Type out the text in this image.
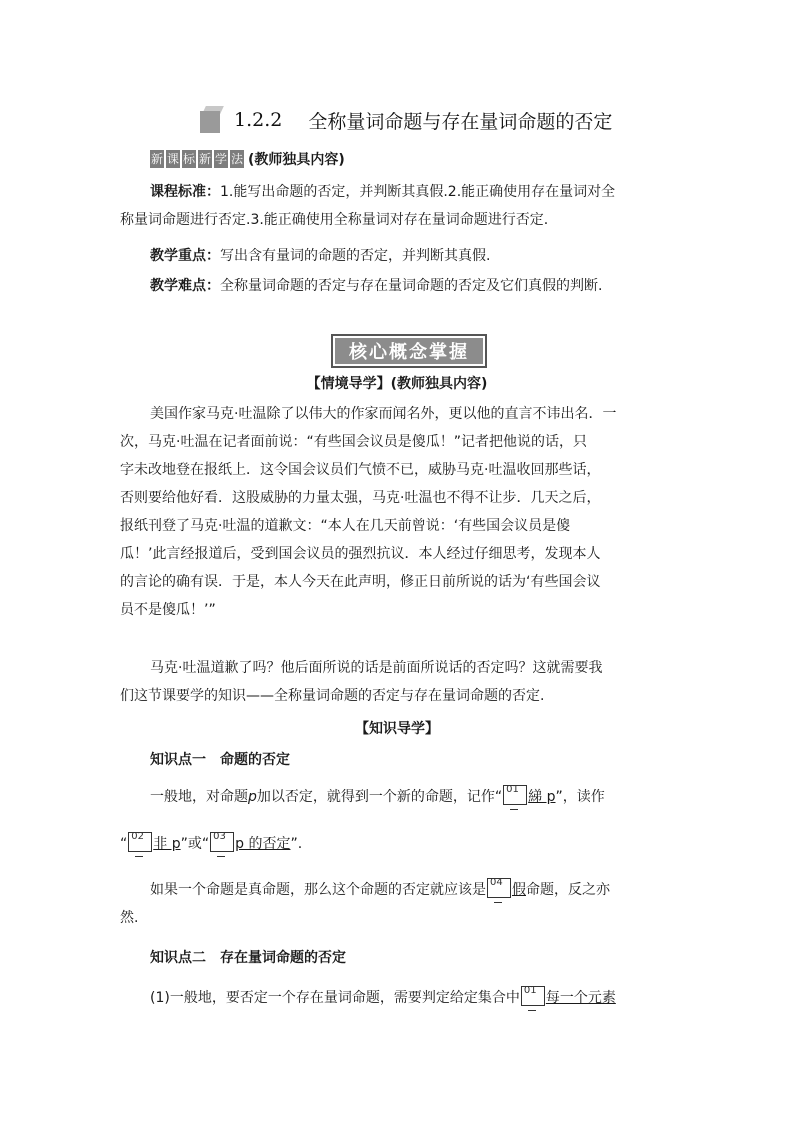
1.2.2 全称量词命题与存在量词命题的否定
新 课 标 新 学 法 (教师独具内容)
课程标准：1.能写出命题的否定，并判断其真假.2.能正确使用存在量词对全
称量词命题进行否定.3.能正确使用全称量词对存在量词命题进行否定.
教学重点：写出含有量词的命题的否定，并判断其真假.
教学难点：全称量词命题的否定与存在量词命题的否定及它们真假的判断.
核心概念掌握
【情境导学】(教师独具内容)
美国作家马克·吐温除了以伟大的作家而闻名外，更以他的直言不讳出名．一
次，马克·吐温在记者面前说：“有些国会议员是傻瓜！”记者把他说的话，只
字未改地登在报纸上．这令国会议员们气愤不已，威胁马克·吐温收回那些话，
否则要给他好看．这股威胁的力量太强，马克·吐温也不得不让步．几天之后，
报纸刊登了马克·吐温的道歉文：“本人在几天前曾说：‘有些国会议员是傻
瓜！’此言经报道后，受到国会议员的强烈抗议．本人经过仔细思考，发现本人
的言论的确有误．于是，本人今天在此声明，修正日前所说的话为‘有些国会议
员不是傻瓜！’”
马克·吐温道歉了吗？他后面所说的话是前面所说话的否定吗？这就需要我
们这节课要学的知识——全称量词命题的否定与存在量词命题的否定.
【知识导学】
知识点一　命题的否定
一般地，对命题p加以否定，就得到一个新的命题，记作“ 01 綈 p”，读作
“ 02 非 p”或“ 03 p 的否定”.
如果一个命题是真命题，那么这个命题的否定就应该是 04 假命题，反之亦
然.
知识点二　存在量词命题的否定
(1)一般地，要否定一个存在量词命题，需要判定给定集合中 01 每一个元素
